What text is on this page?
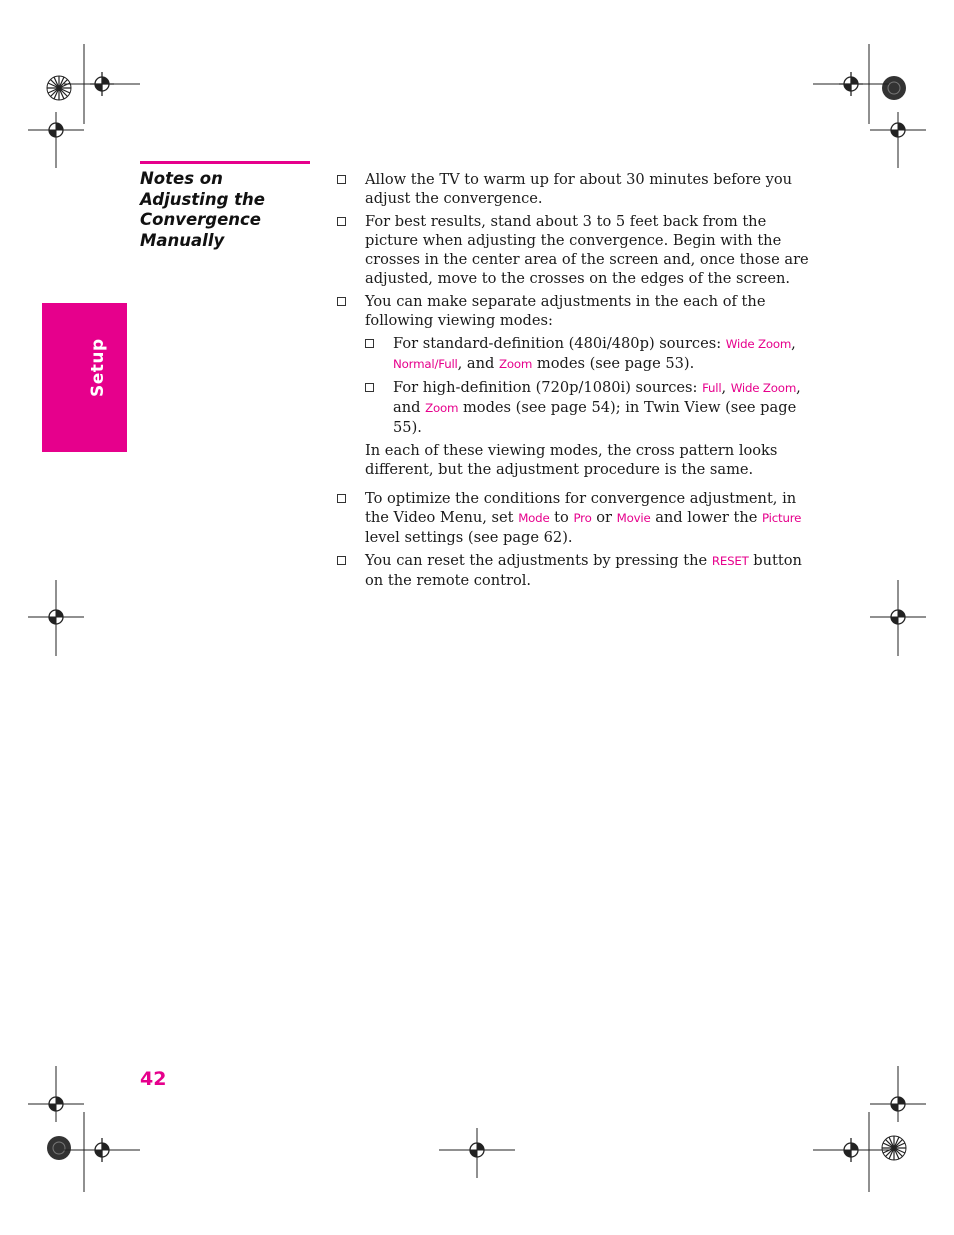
Setup
Notes on
Adjusting the
Convergence
Manually
Allow the TV to warm up for about 30 minutes before you adjust the convergence.
For best results, stand about 3 to 5 feet back from the picture when adjusting the convergence. Begin with the crosses in the center area of the screen and, once those are adjusted, move to the crosses on the edges of the screen.
You can make separate adjustments in the each of the following viewing modes:
For standard-definition (480i/480p) sources: Wide Zoom, Normal/Full, and Zoom modes (see page 53).
For high-definition (720p/1080i) sources: Full, Wide Zoom, and Zoom modes (see page 54); in Twin View (see page 55).

In each of these viewing modes, the cross pattern looks different, but the adjustment procedure is the same.

To optimize the conditions for convergence adjustment, in the Video Menu, set Mode to Pro or Movie and lower the Picture level settings (see page 62).
You can reset the adjustments by pressing the RESET button on the remote control.
42
